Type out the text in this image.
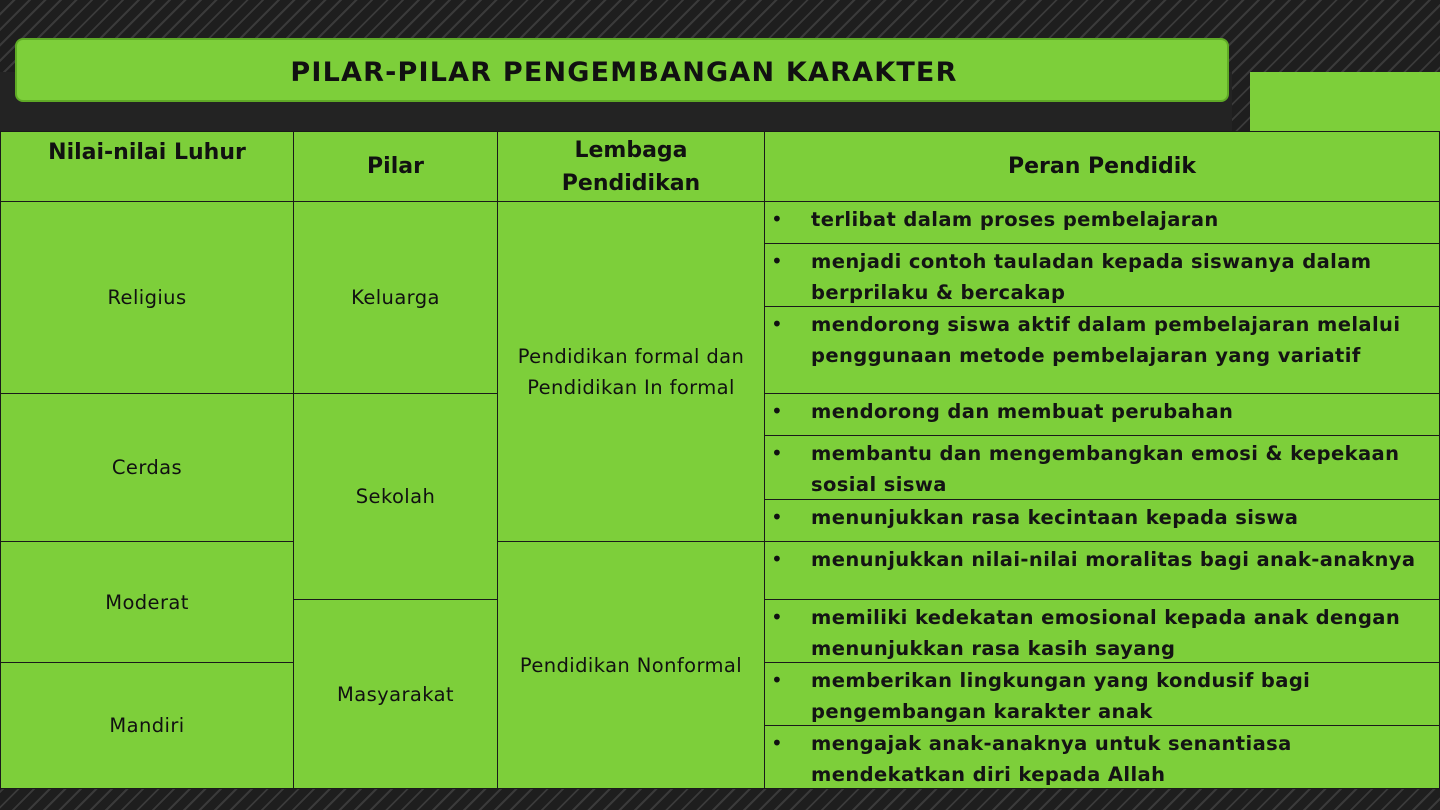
PILAR-PILAR PENGEMBANGAN KARAKTER
Nilai-nilai Luhur
Pilar
Lembaga
Pendidikan
Peran Pendidik
Religius
Cerdas
Moderat
Mandiri
Keluarga
Sekolah
Masyarakat
Pendidikan formal dan
Pendidikan In formal
Pendidikan Nonformal
• terlibat dalam proses pembelajaran
• menjadi contoh tauladan kepada siswanya dalam
berprilaku & bercakap
• mendorong siswa aktif dalam pembelajaran melalui
penggunaan metode pembelajaran yang variatif
• mendorong dan membuat perubahan
• membantu dan mengembangkan emosi & kepekaan
sosial siswa
• menunjukkan rasa kecintaan kepada siswa
• menunjukkan nilai-nilai moralitas bagi anak-anaknya
• memiliki kedekatan emosional kepada anak dengan
menunjukkan rasa kasih sayang
• memberikan lingkungan yang kondusif bagi
pengembangan karakter anak
• mengajak anak-anaknya untuk senantiasa
mendekatkan diri kepada Allah
